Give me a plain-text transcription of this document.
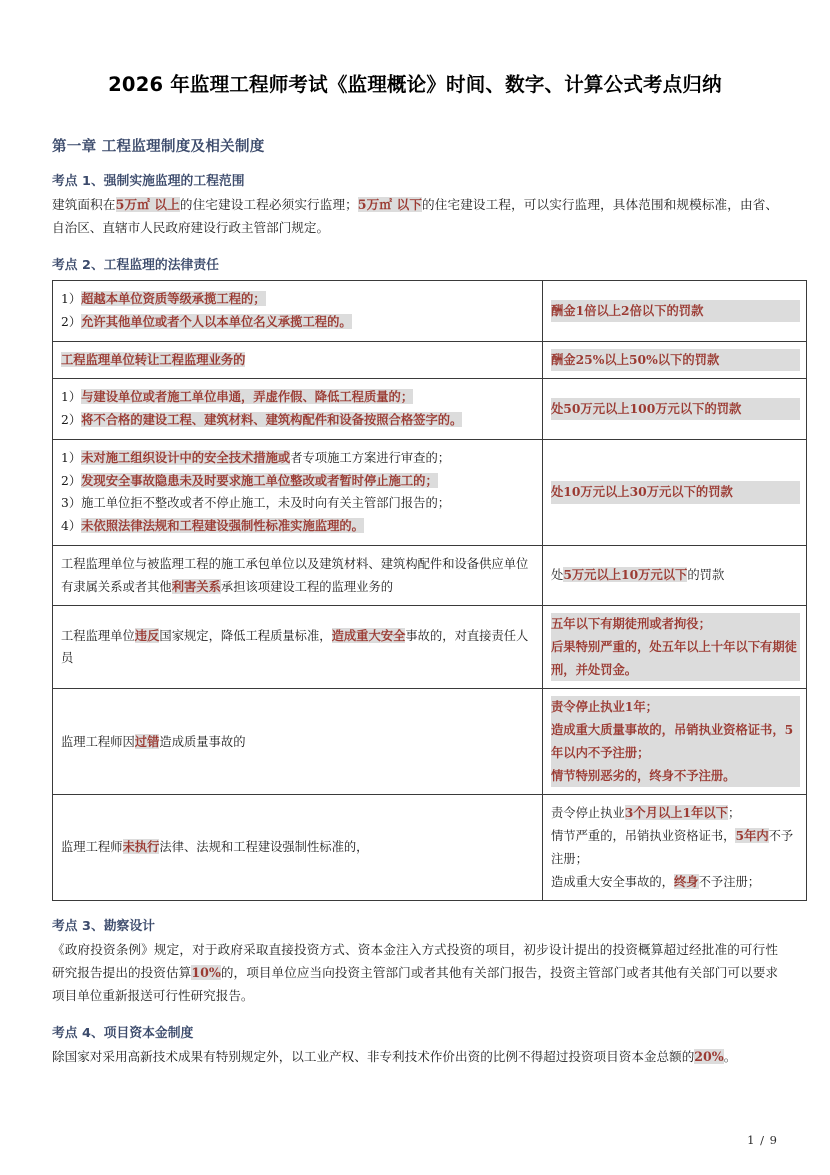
2026 年监理工程师考试《监理概论》时间、数字、计算公式考点归纳
第一章 工程监理制度及相关制度
考点 1、强制实施监理的工程范围

建筑面积在5万㎡ 以上的住宅建设工程必须实行监理；5万㎡ 以下的住宅建设工程，可以实行监理，具体范围和规模标准，由省、自治区、直辖市人民政府建设行政主管部门规定。

考点 2、工程监理的法律责任
1）超越本单位资质等级承揽工程的；
2）允许其他单位或者个人以本单位名义承揽工程的。	酬金1倍以上2倍以下的罚款

工程监理单位转让工程监理业务的	酬金25%以上50%以下的罚款

1）与建设单位或者施工单位串通，弄虚作假、降低工程质量的；
2）将不合格的建设工程、建筑材料、建筑构配件和设备按照合格签字的。	处50万元以上100万元以下的罚款

1）未对施工组织设计中的安全技术措施或者专项施工方案进行审查的；
2）发现安全事故隐患未及时要求施工单位整改或者暂时停止施工的；
3）施工单位拒不整改或者不停止施工，未及时向有关主管部门报告的；
4）未依照法律法规和工程建设强制性标准实施监理的。	处10万元以上30万元以下的罚款

工程监理单位与被监理工程的施工承包单位以及建筑材料、建筑构配件和设备供应单位有隶属关系或者其他利害关系承担该项建设工程的监理业务的	处5万元以上10万元以下的罚款
工程监理单位违反国家规定，降低工程质量标准，造成重大安全事故的，对直接责任人员	五年以下有期徒刑或者拘役；
后果特别严重的，处五年以上十年以下有期徒刑，并处罚金。

监理工程师因过错造成质量事故的	责令停止执业1年；
造成重大质量事故的，吊销执业资格证书，5年以内不予注册；
情节特别恶劣的，终身不予注册。

监理工程师未执行法律、法规和工程建设强制性标准的，	责令停止执业3个月以上1年以下；
情节严重的，吊销执业资格证书，5年内不予注册；
造成重大安全事故的，终身不予注册；
考点 3、勘察设计

《政府投资条例》规定，对于政府采取直接投资方式、资本金注入方式投资的项目，初步设计提出的投资概算超过经批准的可行性研究报告提出的投资估算10%的，项目单位应当向投资主管部门或者其他有关部门报告，投资主管部门或者其他有关部门可以要求项目单位重新报送可行性研究报告。

考点 4、项目资本金制度

除国家对采用高新技术成果有特别规定外，以工业产权、非专利技术作价出资的比例不得超过投资项目资本金总额的20%。

1 / 9
